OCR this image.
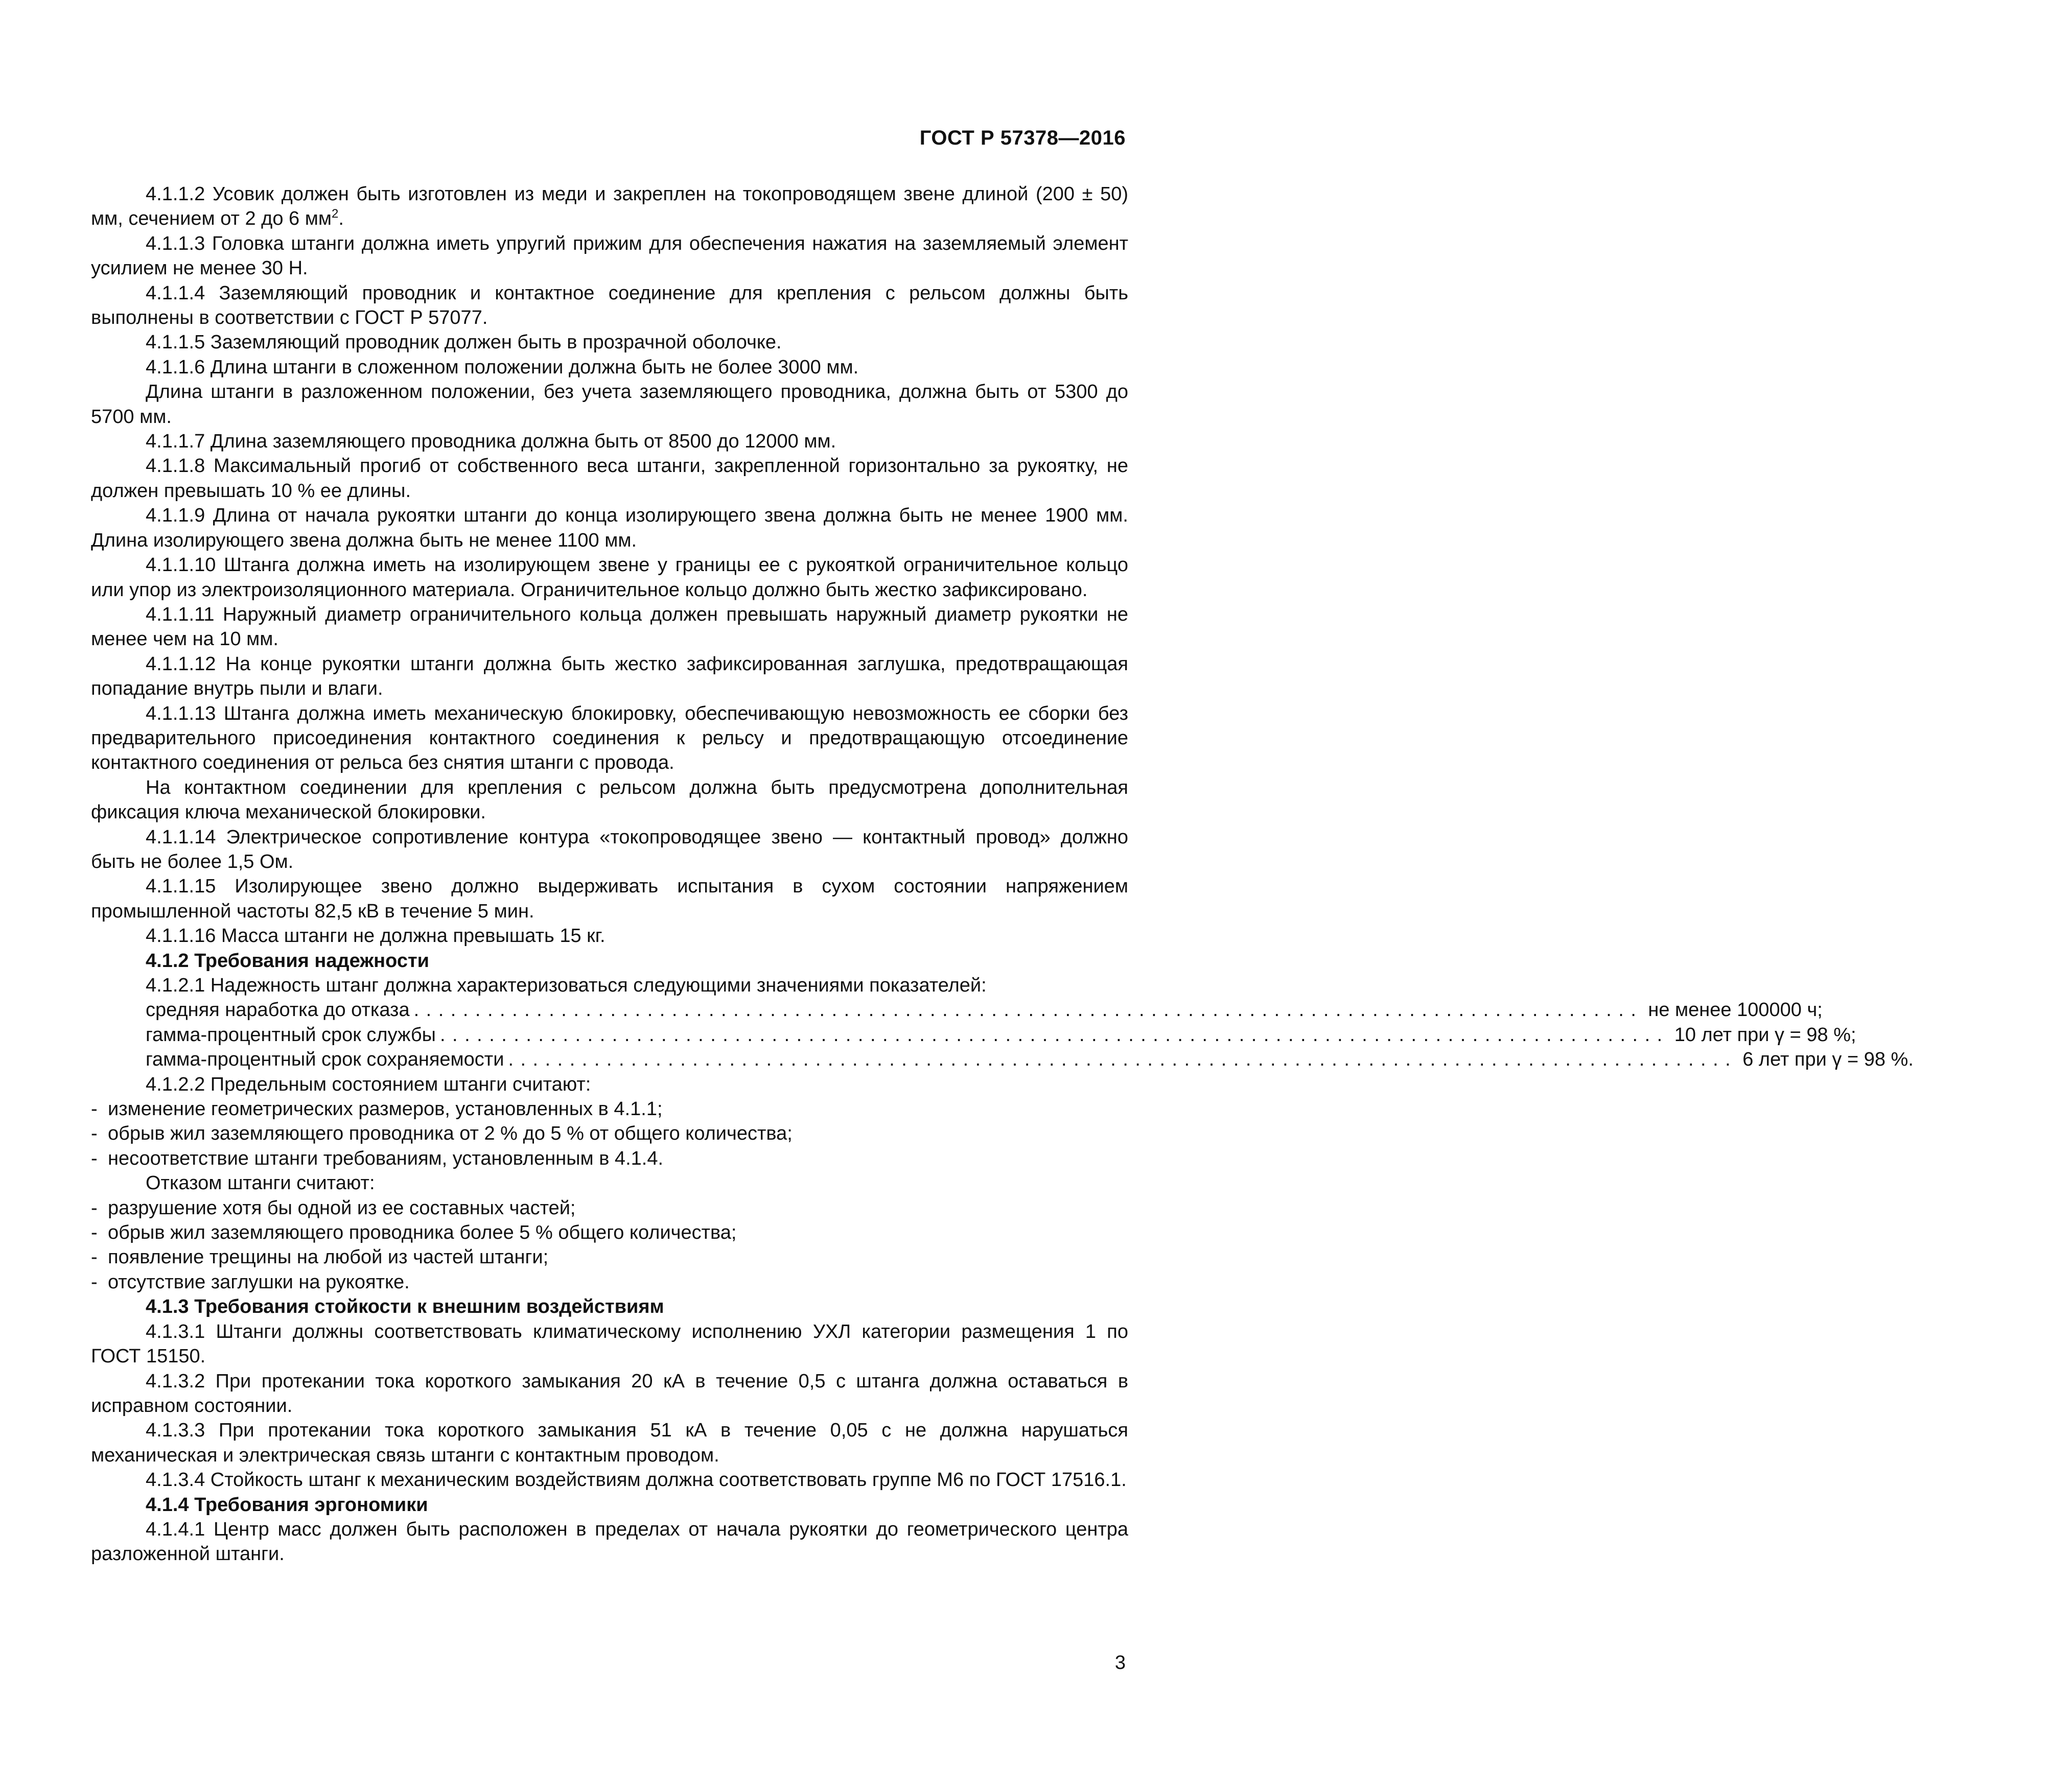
ГОСТ Р 57378—2016

4.1.1.2 Усовик должен быть изготовлен из меди и закреплен на токопроводящем звене длиной (200 ± 50) мм, сечением от 2 до 6 $мм^2$.

4.1.1.3 Головка штанги должна иметь упругий прижим для обеспечения нажатия на заземляемый элемент усилием не менее 30 Н.

4.1.1.4 Заземляющий проводник и контактное соединение для крепления с рельсом должны быть выполнены в соответствии с ГОСТ Р 57077.

4.1.1.5 Заземляющий проводник должен быть в прозрачной оболочке.

4.1.1.6 Длина штанги в сложенном положении должна быть не более 3000 мм.

Длина штанги в разложенном положении, без учета заземляющего проводника, должна быть от 5300 до 5700 мм.

4.1.1.7 Длина заземляющего проводника должна быть от 8500 до 12000 мм.

4.1.1.8 Максимальный прогиб от собственного веса штанги, закрепленной горизонтально за рукоятку, не должен превышать 10 % ее длины.

4.1.1.9 Длина от начала рукоятки штанги до конца изолирующего звена должна быть не менее 1900 мм. Длина изолирующего звена должна быть не менее 1100 мм.

4.1.1.10 Штанга должна иметь на изолирующем звене у границы ее с рукояткой ограничительное кольцо или упор из электроизоляционного материала. Ограничительное кольцо должно быть жестко зафиксировано.

4.1.1.11 Наружный диаметр ограничительного кольца должен превышать наружный диаметр рукоятки не менее чем на 10 мм.

4.1.1.12 На конце рукоятки штанги должна быть жестко зафиксированная заглушка, предотвращающая попадание внутрь пыли и влаги.

4.1.1.13 Штанга должна иметь механическую блокировку, обеспечивающую невозможность ее сборки без предварительного присоединения контактного соединения к рельсу и предотвращающую отсоединение контактного соединения от рельса без снятия штанги с провода.

На контактном соединении для крепления с рельсом должна быть предусмотрена дополнительная фиксация ключа механической блокировки.

4.1.1.14 Электрическое сопротивление контура «токопроводящее звено — контактный провод» должно быть не более 1,5 Ом.

4.1.1.15 Изолирующее звено должно выдерживать испытания в сухом состоянии напряжением промышленной частоты 82,5 кВ в течение 5 мин.

4.1.1.16 Масса штанги не должна превышать 15 кг.

4.1.2 Требования надежности

4.1.2.1 Надежность штанг должна характеризоваться следующими значениями показателей:

средняя наработка до отказа .................................................................................................... не менее 100000 ч;
гамма-процентный срок службы .................................................................................................... 10 лет при γ = 98 %;
гамма-процентный срок сохраняемости .................................................................................................... 6 лет при γ = 98 %.

4.1.2.2 Предельным состоянием штанги считают:

- изменение геометрических размеров, установленных в 4.1.1;

- обрыв жил заземляющего проводника от 2 % до 5 % от общего количества;

- несоответствие штанги требованиям, установленным в 4.1.4.

Отказом штанги считают:

- разрушение хотя бы одной из ее составных частей;

- обрыв жил заземляющего проводника более 5 % общего количества;

- появление трещины на любой из частей штанги;

- отсутствие заглушки на рукоятке.

4.1.3 Требования стойкости к внешним воздействиям

4.1.3.1 Штанги должны соответствовать климатическому исполнению УХЛ категории размещения 1 по ГОСТ 15150.

4.1.3.2 При протекании тока короткого замыкания 20 кА в течение 0,5 с штанга должна оставаться в исправном состоянии.

4.1.3.3 При протекании тока короткого замыкания 51 кА в течение 0,05 с не должна нарушаться механическая и электрическая связь штанги с контактным проводом.

4.1.3.4 Стойкость штанг к механическим воздействиям должна соответствовать группе М6 по ГОСТ 17516.1.

4.1.4 Требования эргономики

4.1.4.1 Центр масс должен быть расположен в пределах от начала рукоятки до геометрического центра разложенной штанги.

3
